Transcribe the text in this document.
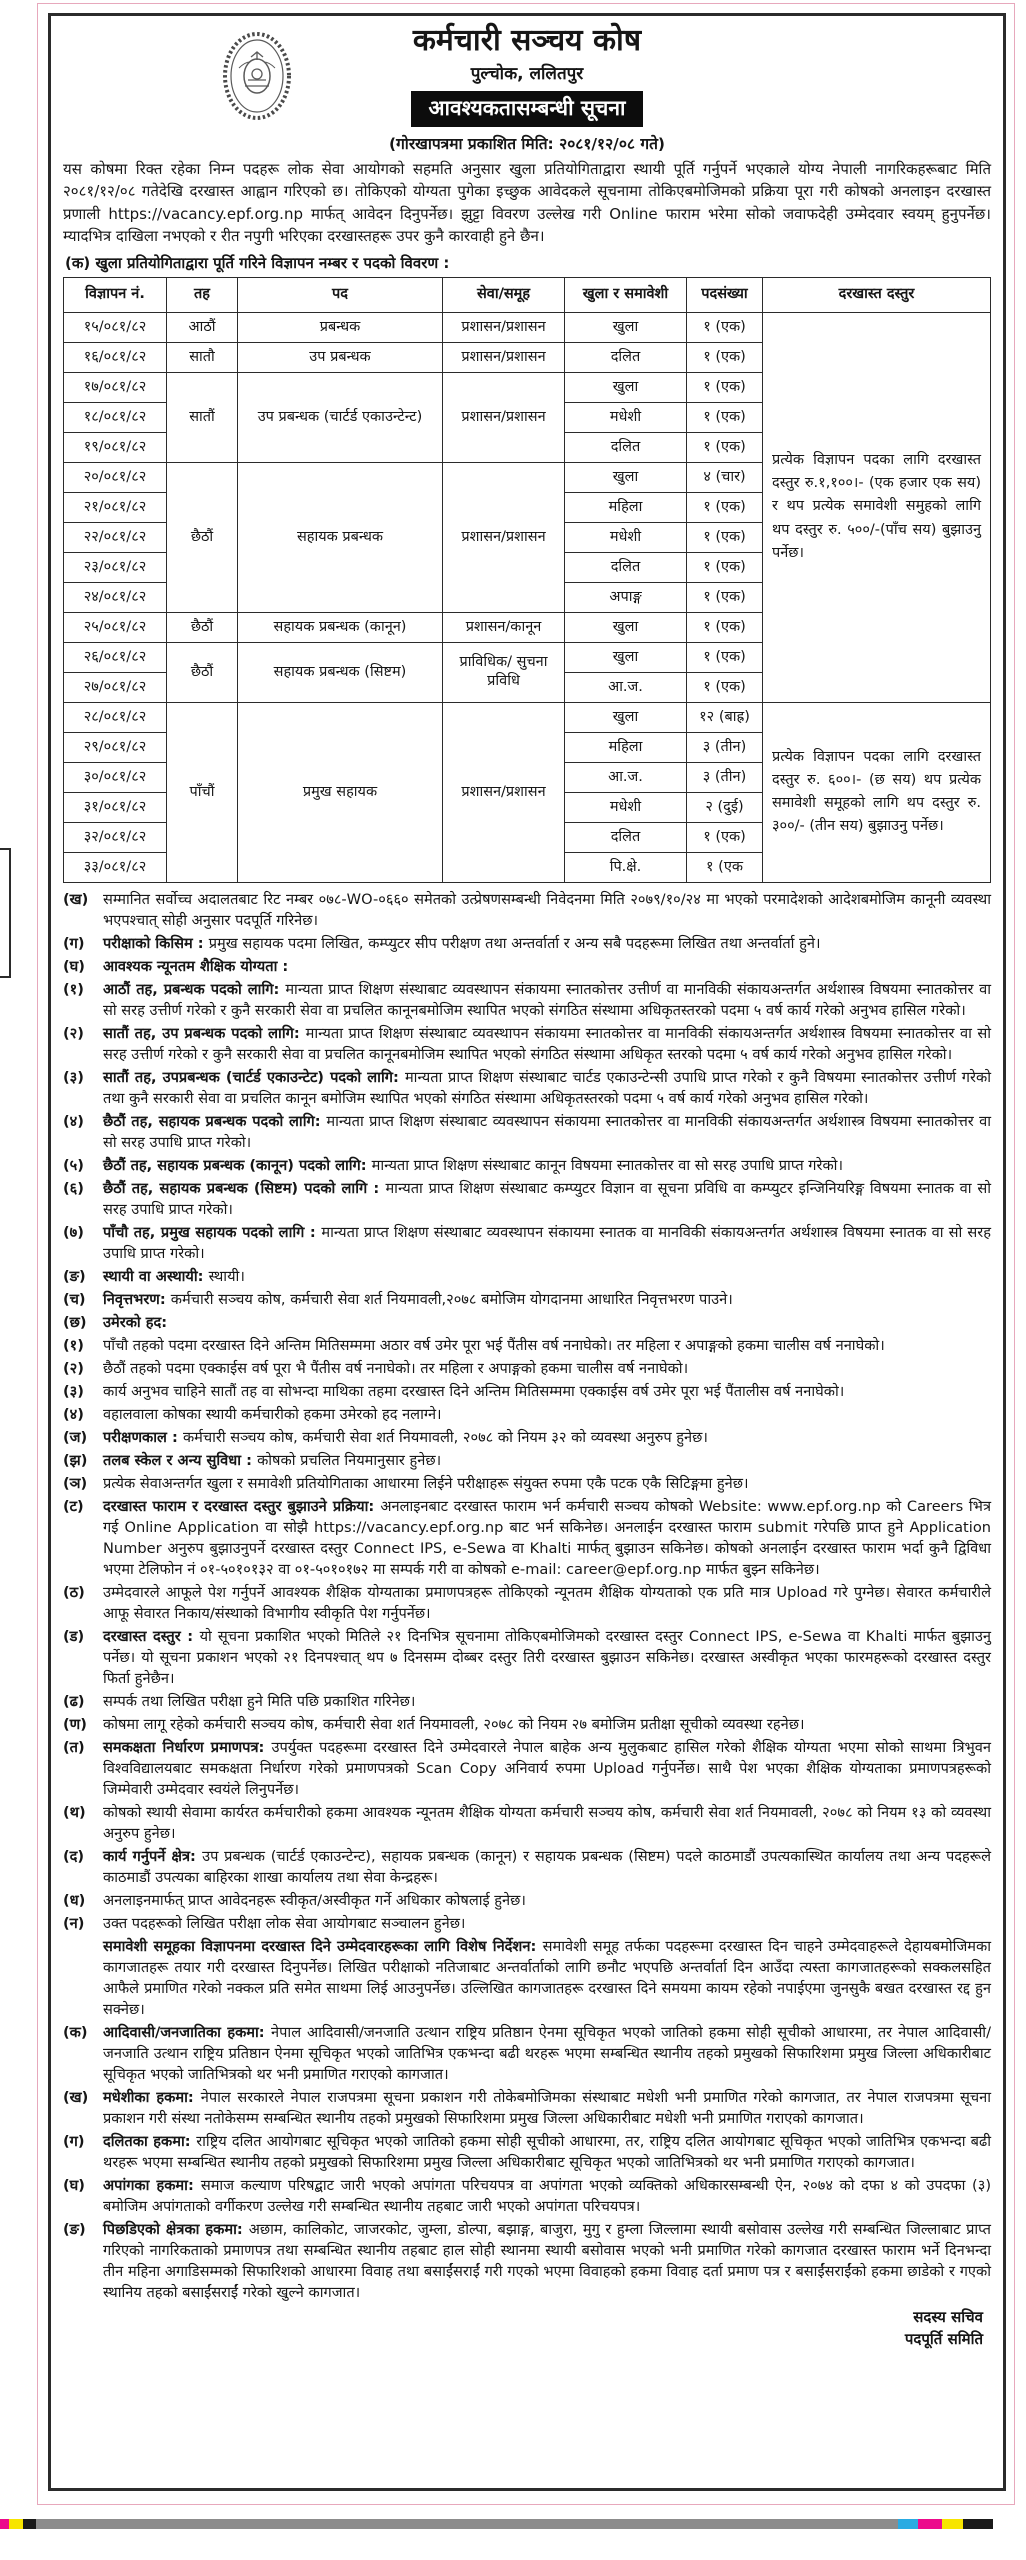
कर्मचारी सञ्चय कोष
पुल्चोक, ललितपुर
आवश्यकतासम्बन्धी सूचना
(गोरखापत्रमा प्रकाशित मिति: २०८१/१२/०८ गते)
यस कोषमा रिक्त रहेका निम्न पदहरू लोक सेवा आयोगको सहमति अनुसार खुला प्रतियोगिताद्वारा स्थायी पूर्ति गर्नुपर्ने भएकाले योग्य नेपाली नागरिकहरूबाट मिति २०८१/१२/०८ गतेदेखि दरखास्त आह्वान गरिएको छ। तोकिएको योग्यता पुगेका इच्छुक आवेदकले सूचनामा तोकिएबमोजिमको प्रक्रिया पूरा गरी कोषको अनलाइन दरखास्त प्रणाली https://vacancy.epf.org.np मार्फत् आवेदन दिनुपर्नेछ। झुट्टा विवरण उल्लेख गरी Online फाराम भरेमा सोको जवाफदेही उम्मेदवार स्वयम् हुनुपर्नेछ। म्यादभित्र दाखिला नभएको र रीत नपुगी भरिएका दरखास्तहरू उपर कुनै कारवाही हुने छैन।
(क) खुला प्रतियोगिताद्वारा पूर्ति गरिने विज्ञापन नम्बर र पदको विवरण :
विज्ञापन नं.	तह	पद	सेवा/समूह	खुला र समावेशी	पदसंख्या	दरखास्त दस्तुर
१५/०८१/८२	आठौं	प्रबन्धक	प्रशासन/प्रशासन	खुला	१ (एक)	प्रत्येक विज्ञापन पदका लागि दरखास्त दस्तुर रु.१,१००।- (एक हजार एक सय) र थप प्रत्येक समावेशी समुहको लागि थप दस्तुर रु. ५००/-(पाँच सय) बुझाउनु पर्नेछ।
१६/०८१/८२	सातौ	उप प्रबन्धक	प्रशासन/प्रशासन	दलित	१ (एक)	
१७/०८१/८२	सातौं	उप प्रबन्धक (चार्टर्ड एकाउन्टेन्ट)	प्रशासन/प्रशासन	खुला	१ (एक)	
१८/०८१/८२				मधेशी	१ (एक)	
१९/०८१/८२				दलित	१ (एक)	
२०/०८१/८२	छैठौं	सहायक प्रबन्धक	प्रशासन/प्रशासन	खुला	४ (चार)	
२१/०८१/८२				महिला	१ (एक)	
२२/०८१/८२				मधेशी	१ (एक)	
२३/०८१/८२				दलित	१ (एक)	
२४/०८१/८२				अपाङ्ग	१ (एक)	
२५/०८१/८२	छैठौं	सहायक प्रबन्धक (कानून)	प्रशासन/कानून	खुला	१ (एक)	
२६/०८१/८२	छैठौं	सहायक प्रबन्धक (सिष्टम)	प्राविधिक/ सुचना प्रविधि	खुला	१ (एक)	
२७/०८१/८२				आ.ज.	१ (एक)	
२८/०८१/८२	पाँचौं	प्रमुख सहायक	प्रशासन/प्रशासन	खुला	१२ (बाह्र)	प्रत्येक विज्ञापन पदका लागि दरखास्त दस्तुर रु. ६००।- (छ सय) थप प्रत्येक समावेशी समूहको लागि थप दस्तुर रु. ३००/- (तीन सय) बुझाउनु पर्नेछ।
२९/०८१/८२				महिला	३ (तीन)	
३०/०८१/८२				आ.ज.	३ (तीन)	
३१/०८१/८२				मधेशी	२ (दुई)	
३२/०८१/८२				दलित	१ (एक)	
३३/०८१/८२				पि.क्षे.	१ (एक	
(ख)	सम्मानित सर्वोच्च अदालतबाट रिट नम्बर ०७८-WO-०६६० समेतको उत्प्रेषणसम्बन्धी निवेदनमा मिति २०७९/१०/२४ मा भएको परमादेशको आदेशबमोजिम कानूनी व्यवस्था भएपश्चात् सोही अनुसार पदपूर्ति गरिनेछ।
(ग)	परीक्षाको किसिम : प्रमुख सहायक पदमा लिखित, कम्प्युटर सीप परीक्षण तथा अन्तर्वार्ता र अन्य सबै पदहरूमा लिखित तथा अन्तर्वार्ता हुने।
(घ)	आवश्यक न्यूनतम शैक्षिक योग्यता :
(१)	आठौं तह, प्रबन्धक पदको लागि: मान्यता प्राप्त शिक्षण संस्थाबाट व्यवस्थापन संकायमा स्नातकोत्तर उत्तीर्ण वा मानविकी संकायअन्तर्गत अर्थशास्त्र विषयमा स्नातकोत्तर वा सो सरह उत्तीर्ण गरेको र कुनै सरकारी सेवा वा प्रचलित कानूनबमोजिम स्थापित भएको संगठित संस्थामा अधिकृतस्तरको पदमा ५ वर्ष कार्य गरेको अनुभव हासिल गरेको।
(२)	सातौं तह, उप प्रबन्धक पदको लागि: मान्यता प्राप्त शिक्षण संस्थाबाट व्यवस्थापन संकायमा स्नातकोत्तर वा मानविकी संकायअन्तर्गत अर्थशास्त्र विषयमा स्नातकोत्तर वा सो सरह उत्तीर्ण गरेको र कुनै सरकारी सेवा वा प्रचलित कानूनबमोजिम स्थापित भएको संगठित संस्थामा अधिकृत स्तरको पदमा ५ वर्ष कार्य गरेको अनुभव हासिल गरेको।
(३)	सातौं तह, उपप्रबन्धक (चार्टर्ड एकाउन्टेट) पदको लागि: मान्यता प्राप्त शिक्षण संस्थाबाट चार्टड एकाउन्टेन्सी उपाधि प्राप्त गरेको र कुनै विषयमा स्नातकोत्तर उत्तीर्ण गरेको तथा कुनै सरकारी सेवा वा प्रचलित कानून बमोजिम स्थापित भएको संगठित संस्थामा अधिकृतस्तरको पदमा ५ वर्ष कार्य गरेको अनुभव हासिल गरेको।
(४)	छैठौं तह, सहायक प्रबन्धक पदको लागि: मान्यता प्राप्त शिक्षण संस्थाबाट व्यवस्थापन संकायमा स्नातकोत्तर वा मानविकी संकायअन्तर्गत अर्थशास्त्र विषयमा स्नातकोत्तर वा सो सरह उपाधि प्राप्त गरेको।
(५)	छैठौं तह, सहायक प्रबन्धक (कानून) पदको लागि: मान्यता प्राप्त शिक्षण संस्थाबाट कानून विषयमा स्नातकोत्तर वा सो सरह उपाधि प्राप्त गरेको।
(६)	छैठौं तह, सहायक प्रबन्धक (सिष्टम) पदको लागि : मान्यता प्राप्त शिक्षण संस्थाबाट कम्प्युटर विज्ञान वा सूचना प्रविधि वा कम्प्युटर इन्जिनियरिङ्ग विषयमा स्नातक वा सो सरह उपाधि प्राप्त गरेको।
(७)	पाँचौ तह, प्रमुख सहायक पदको लागि : मान्यता प्राप्त शिक्षण संस्थाबाट व्यवस्थापन संकायमा स्नातक वा मानविकी संकायअन्तर्गत अर्थशास्त्र विषयमा स्नातक वा सो सरह उपाधि प्राप्त गरेको।
(ङ)	स्थायी वा अस्थायी: स्थायी।
(च)	निवृत्तभरण: कर्मचारी सञ्चय कोष, कर्मचारी सेवा शर्त नियमावली,२०७८ बमोजिम योगदानमा आधारित निवृत्तभरण पाउने।
(छ)	उमेरको हद:
(१)	पाँचौ तहको पदमा दरखास्त दिने अन्तिम मितिसम्ममा अठार वर्ष उमेर पूरा भई पैंतीस वर्ष ननाघेको। तर महिला र अपाङ्गको हकमा चालीस वर्ष ननाघेको।
(२)	छैठौं तहको पदमा एक्काईस वर्ष पूरा भै पैंतीस वर्ष ननाघेको। तर महिला र अपाङ्गको हकमा चालीस वर्ष ननाघेको।
(३)	कार्य अनुभव चाहिने सातौं तह वा सोभन्दा माथिका तहमा दरखास्त दिने अन्तिम मितिसम्ममा एक्काईस वर्ष उमेर पूरा भई पैंतालीस वर्ष ननाघेको।
(४)	वहालवाला कोषका स्थायी कर्मचारीको हकमा उमेरको हद नलाग्ने।
(ज)	परीक्षणकाल : कर्मचारी सञ्चय कोष, कर्मचारी सेवा शर्त नियमावली, २०७८ को नियम ३२ को व्यवस्था अनुरुप हुनेछ।
(झ)	तलब स्केल र अन्य सुविधा : कोषको प्रचलित नियमानुसार हुनेछ।
(ञ)	प्रत्येक सेवाअन्तर्गत खुला र समावेशी प्रतियोगिताका आधारमा लिईने परीक्षाहरू संयुक्त रुपमा एकै पटक एकै सिटिङ्गमा हुनेछ।
(ट)	दरखास्त फाराम र दरखास्त दस्तुर बुझाउने प्रक्रिया: अनलाइनबाट दरखास्त फाराम भर्न कर्मचारी सञ्चय कोषको Website: www.epf.org.np को Careers भित्र गई Online Application वा सोझै https://vacancy.epf.org.np बाट भर्न सकिनेछ। अनलाईन दरखास्त फाराम submit गरेपछि प्राप्त हुने Application Number अनुरुप बुझाउनुपर्ने दरखास्त दस्तुर Connect IPS, e-Sewa वा Khalti मार्फत् बुझाउन सकिनेछ। कोषको अनलाईन दरखास्त फाराम भर्दा कुनै द्विविधा भएमा टेलिफोन नं ०१-५०१०१३२ वा ०१-५०१०१७२ मा सम्पर्क गरी वा कोषको e-mail: career@epf.org.np मार्फत बुझ्न सकिनेछ।
(ठ)	उम्मेदवारले आफूले पेश गर्नुपर्ने आवश्यक शैक्षिक योग्यताका प्रमाणपत्रहरू तोकिएको न्यूनतम शैक्षिक योग्यताको एक प्रति मात्र Upload गरे पुग्नेछ। सेवारत कर्मचारीले आफू सेवारत निकाय/संस्थाको विभागीय स्वीकृति पेश गर्नुपर्नेछ।
(ड)	दरखास्त दस्तुर : यो सूचना प्रकाशित भएको मितिले २१ दिनभित्र सूचनामा तोकिएबमोजिमको दरखास्त दस्तुर Connect IPS, e-Sewa वा Khalti मार्फत बुझाउनु पर्नेछ। यो सूचना प्रकाशन भएको २१ दिनपश्चात् थप ७ दिनसम्म दोब्बर दस्तुर तिरी दरखास्त बुझाउन सकिनेछ। दरखास्त अस्वीकृत भएका फारमहरूको दरखास्त दस्तुर फिर्ता हुनेछैन।
(ढ)	सम्पर्क तथा लिखित परीक्षा हुने मिति पछि प्रकाशित गरिनेछ।
(ण)	कोषमा लागू रहेको कर्मचारी सञ्चय कोष, कर्मचारी सेवा शर्त नियमावली, २०७८ को नियम २७ बमोजिम प्रतीक्षा सूचीको व्यवस्था रहनेछ।
(त)	समकक्षता निर्धारण प्रमाणपत्र: उपर्युक्त पदहरूमा दरखास्त दिने उम्मेदवारले नेपाल बाहेक अन्य मुलुकबाट हासिल गरेको शैक्षिक योग्यता भएमा सोको साथमा त्रिभुवन विश्वविद्यालयबाट समकक्षता निर्धारण गरेको प्रमाणपत्रको Scan Copy अनिवार्य रुपमा Upload गर्नुपर्नेछ। साथै पेश भएका शैक्षिक योग्यताका प्रमाणपत्रहरूको जिम्मेवारी उम्मेदवार स्वयंले लिनुपर्नेछ।
(थ)	कोषको स्थायी सेवामा कार्यरत कर्मचारीको हकमा आवश्यक न्यूनतम शैक्षिक योग्यता कर्मचारी सञ्चय कोष, कर्मचारी सेवा शर्त नियमावली, २०७८ को नियम १३ को व्यवस्था अनुरुप हुनेछ।
(द)	कार्य गर्नुपर्ने क्षेत्र: उप प्रबन्धक (चार्टर्ड एकाउन्टेन्ट), सहायक प्रबन्धक (कानून) र सहायक प्रबन्धक (सिष्टम) पदले काठमाडौं उपत्यकास्थित कार्यालय तथा अन्य पदहरूले काठमाडौं उपत्यका बाहिरका शाखा कार्यालय तथा सेवा केन्द्रहरू।
(ध)	अनलाइनमार्फत् प्राप्त आवेदनहरू स्वीकृत/अस्वीकृत गर्ने अधिकार कोषलाई हुनेछ।
(न)	उक्त पदहरूको लिखित परीक्षा लोक सेवा आयोगबाट सञ्चालन हुनेछ।
समावेशी समूहका विज्ञापनमा दरखास्त दिने उम्मेदवारहरूका लागि विशेष निर्देशन: समावेशी समूह तर्फका पदहरूमा दरखास्त दिन चाहने उम्मेदवाहरूले देहायबमोजिमका कागजातहरू तयार गरी दरखास्त दिनुपर्नेछ। लिखित परीक्षाको नतिजाबाट अन्तर्वार्ताको लागि छनौट भएपछि अन्तर्वार्ता दिन आउँदा त्यस्ता कागजातहरूको सक्कलसहित आफैले प्रमाणित गरेको नक्कल प्रति समेत साथमा लिई आउनुपर्नेछ। उल्लिखित कागजातहरू दरखास्त दिने समयमा कायम रहेको नपाईएमा जुनसुकै बखत दरखास्त रद्द हुन सक्नेछ।
(क)	आदिवासी/जनजातिका हकमा: नेपाल आदिवासी/जनजाति उत्थान राष्ट्रिय प्रतिष्ठान ऐनमा सूचिकृत भएको जातिको हकमा सोही सूचीको आधारमा, तर नेपाल आदिवासी/जनजाति उत्थान राष्ट्रिय प्रतिष्ठान ऐनमा सूचिकृत भएको जातिभित्र एकभन्दा बढी थरहरू भएमा सम्बन्धित स्थानीय तहको प्रमुखको सिफारिशमा प्रमुख जिल्ला अधिकारीबाट सूचिकृत भएको जातिभित्रको थर भनी प्रमाणित गराएको कागजात।
(ख)	मधेशीका हकमा: नेपाल सरकारले नेपाल राजपत्रमा सूचना प्रकाशन गरी तोकेबमोजिमका संस्थाबाट मधेशी भनी प्रमाणित गरेको कागजात, तर नेपाल राजपत्रमा सूचना प्रकाशन गरी संस्था नतोकेसम्म सम्बन्धित स्थानीय तहको प्रमुखको सिफारिशमा प्रमुख जिल्ला अधिकारीबाट मधेशी भनी प्रमाणित गराएको कागजात।
(ग)	दलितका हकमा: राष्ट्रिय दलित आयोगबाट सूचिकृत भएको जातिको हकमा सोही सूचीको आधारमा, तर, राष्ट्रिय दलित आयोगबाट सूचिकृत भएको जातिभित्र एकभन्दा बढी थरहरू भएमा सम्बन्धित स्थानीय तहको प्रमुखको सिफारिशमा प्रमुख जिल्ला अधिकारीबाट सूचिकृत भएको जातिभित्रको थर भनी प्रमाणित गराएको कागजात।
(घ)	अपांगका हकमा: समाज कल्याण परिषद्बाट जारी भएको अपांगता परिचयपत्र वा अपांगता भएको व्यक्तिको अधिकारसम्बन्धी ऐन, २०७४ को दफा ४ को उपदफा (३) बमोजिम अपांगताको वर्गीकरण उल्लेख गरी सम्बन्धित स्थानीय तहबाट जारी भएको अपांगता परिचयपत्र।
(ङ)	पिछडिएको क्षेत्रका हकमा: अछाम, कालिकोट, जाजरकोट, जुम्ला, डोल्पा, बझाङ्ग, बाजुरा, मुगु र हुम्ला जिल्लामा स्थायी बसोवास उल्लेख गरी सम्बन्धित जिल्लाबाट प्राप्त गरिएको नागरिकताको प्रमाणपत्र तथा सम्बन्धित स्थानीय तहबाट हाल सोही स्थानमा स्थायी बसोवास भएको भनी प्रमाणित गरेको कागजात दरखास्त फाराम भर्ने दिनभन्दा तीन महिना अगाडिसम्मको सिफारिशको आधारमा विवाह तथा बसाईंसराईं गरी गएको भएमा विवाहको हकमा विवाह दर्ता प्रमाण पत्र र बसाईंसराईंको हकमा छाडेको र गएको स्थानिय तहको बसाईंसराईं गरेको खुल्ने कागजात।
सदस्य सचिव
पदपूर्ति समिति
